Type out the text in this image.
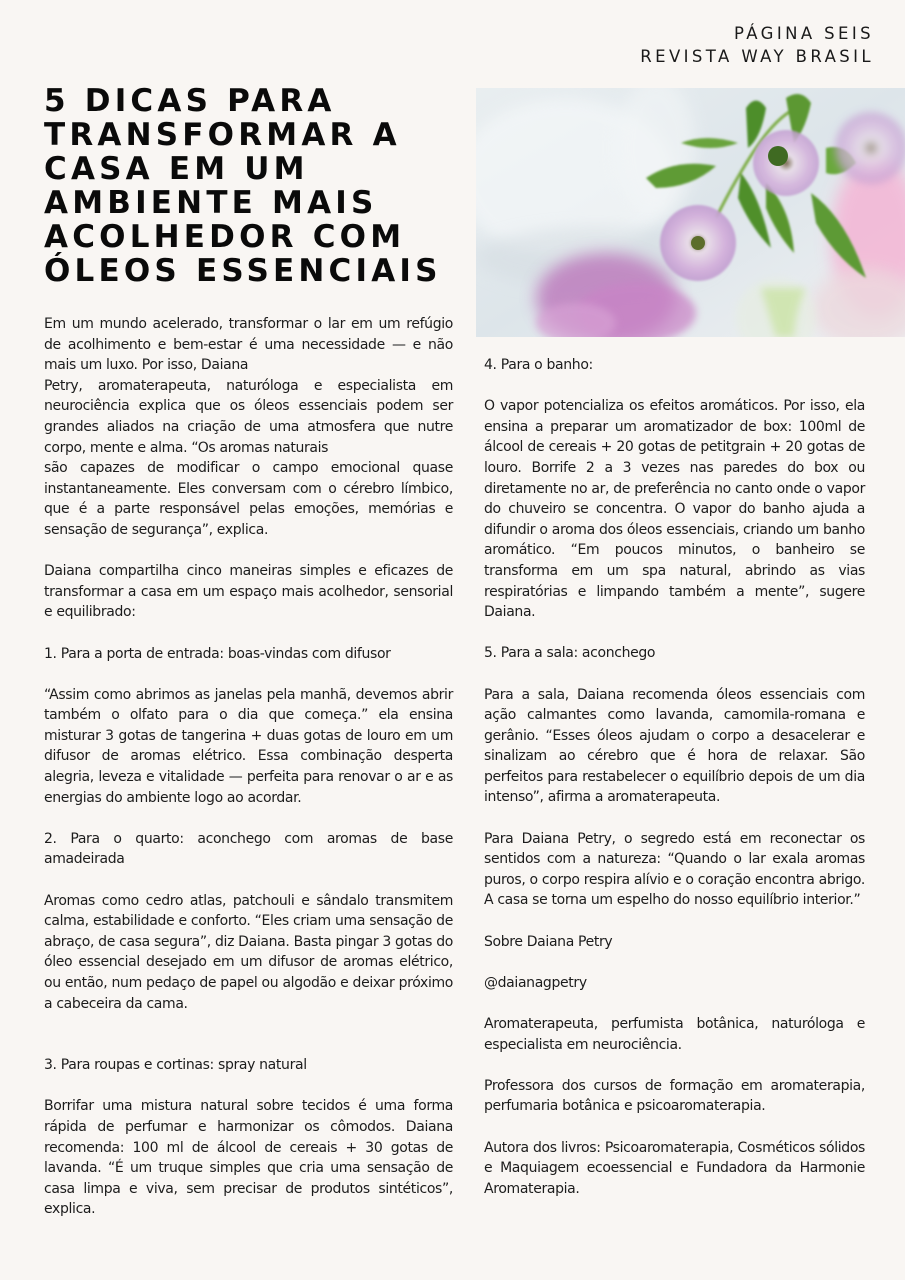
PÁGINA SEIS
REVISTA WAY BRASIL
5 DICAS PARA
TRANSFORMAR A
CASA EM UM
AMBIENTE MAIS
ACOLHEDOR COM
ÓLEOS ESSENCIAIS

Em um mundo acelerado, transformar o lar em um refúgio de acolhimento e bem-estar é uma necessidade — e não mais um luxo. Por isso, Daiana
Petry, aromaterapeuta, naturóloga e especialista em neurociência explica que os óleos essenciais podem ser grandes aliados na criação de uma atmosfera que nutre corpo, mente e alma. “Os aromas naturais
são capazes de modificar o campo emocional quase instantaneamente. Eles conversam com o cérebro límbico, que é a parte responsável pelas emoções, memórias e sensação de segurança”, explica.

Daiana compartilha cinco maneiras simples e eficazes de transformar a casa em um espaço mais acolhedor, sensorial e equilibrado:

1. Para a porta de entrada: boas-vindas com difusor

“Assim como abrimos as janelas pela manhã, devemos abrir também o olfato para o dia que começa.” ela ensina misturar 3 gotas de tangerina + duas gotas de louro em um difusor de aromas elétrico. Essa combinação desperta alegria, leveza e vitalidade — perfeita para renovar o ar e as energias do ambiente logo ao acordar.

2. Para o quarto: aconchego com aromas de base amadeirada

Aromas como cedro atlas, patchouli e sândalo transmitem calma, estabilidade e conforto. “Eles criam uma sensação de abraço, de casa segura”, diz Daiana. Basta pingar 3 gotas do óleo essencial desejado em um difusor de aromas elétrico, ou então, num pedaço de papel ou algodão e deixar próximo a cabeceira da cama.

3. Para roupas e cortinas: spray natural

Borrifar uma mistura natural sobre tecidos é uma forma rápida de perfumar e harmonizar os cômodos. Daiana recomenda: 100 ml de álcool de cereais + 30 gotas de lavanda. “É um truque simples que cria uma sensação de casa limpa e viva, sem precisar de produtos sintéticos”, explica.

4. Para o banho:

O vapor potencializa os efeitos aromáticos. Por isso, ela ensina a preparar um aromatizador de box: 100ml de álcool de cereais + 20 gotas de petitgrain + 20 gotas de louro. Borrife 2 a 3 vezes nas paredes do box ou diretamente no ar, de preferência no canto onde o vapor do chuveiro se concentra. O vapor do banho ajuda a difundir o aroma dos óleos essenciais, criando um banho aromático. “Em poucos minutos, o banheiro se transforma em um spa natural, abrindo as vias respiratórias e limpando também a mente”, sugere Daiana.

5. Para a sala: aconchego

Para a sala, Daiana recomenda óleos essenciais com ação calmantes como lavanda, camomila-romana e gerânio. “Esses óleos ajudam o corpo a desacelerar e sinalizam ao cérebro que é hora de relaxar. São perfeitos para restabelecer o equilíbrio depois de um dia intenso”, afirma a aromaterapeuta.

Para Daiana Petry, o segredo está em reconectar os sentidos com a natureza: “Quando o lar exala aromas puros, o corpo respira alívio e o coração encontra abrigo. A casa se torna um espelho do nosso equilíbrio interior.”

Sobre Daiana Petry

@daianagpetry

Aromaterapeuta, perfumista botânica, naturóloga e especialista em neurociência.

Professora dos cursos de formação em aromaterapia, perfumaria botânica e psicoaromaterapia.

Autora dos livros: Psicoaromaterapia, Cosméticos sólidos e Maquiagem ecoessencial e Fundadora da Harmonie Aromaterapia.
